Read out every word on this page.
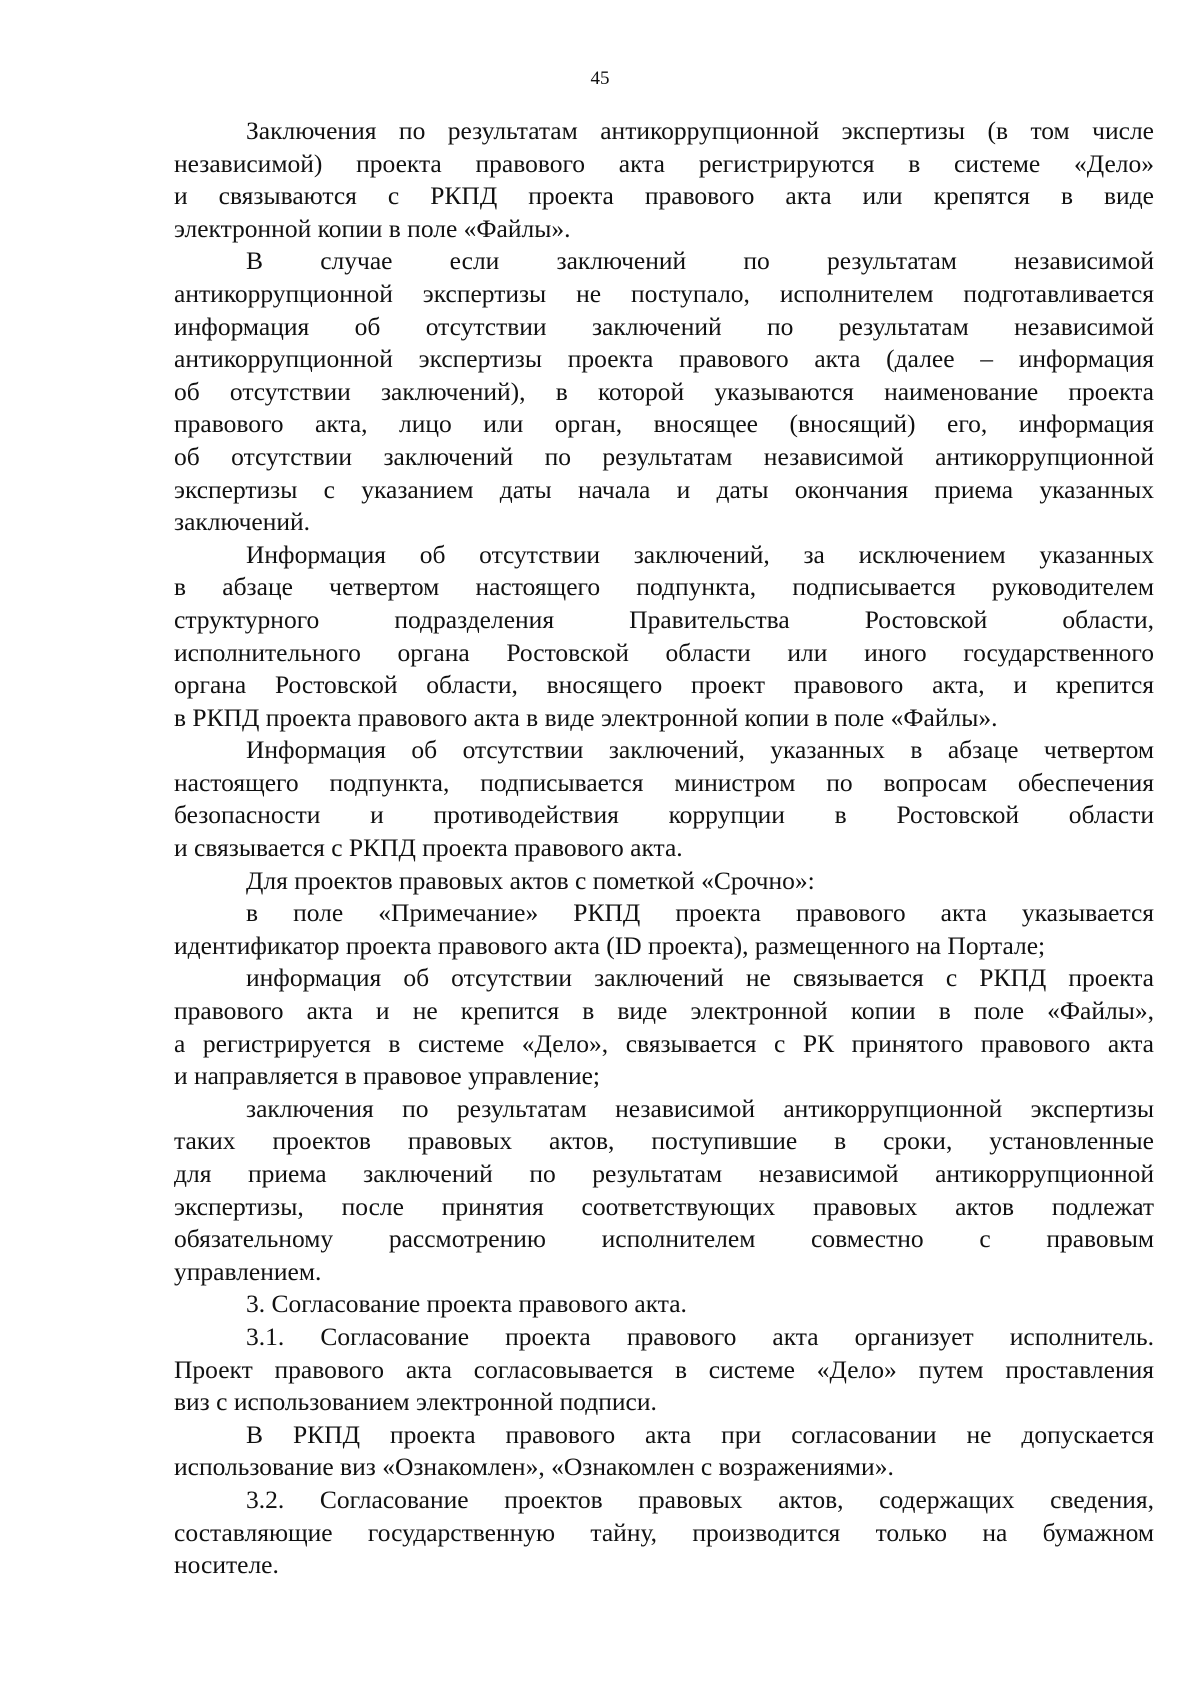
45
Заключения по результатам антикоррупционной экспертизы (в том числе
независимой) проекта правового акта регистрируются в системе «Дело»
и связываются с РКПД проекта правового акта или крепятся в виде
электронной копии в поле «Файлы».
В случае если заключений по результатам независимой
антикоррупционной экспертизы не поступало, исполнителем подготавливается
информация об отсутствии заключений по результатам независимой
антикоррупционной экспертизы проекта правового акта (далее – информация
об отсутствии заключений), в которой указываются наименование проекта
правового акта, лицо или орган, вносящее (вносящий) его, информация
об отсутствии заключений по результатам независимой антикоррупционной
экспертизы с указанием даты начала и даты окончания приема указанных
заключений.
Информация об отсутствии заключений, за исключением указанных
в абзаце четвертом настоящего подпункта, подписывается руководителем
структурного подразделения Правительства Ростовской области,
исполнительного органа Ростовской области или иного государственного
органа Ростовской области, вносящего проект правового акта, и крепится
в РКПД проекта правового акта в виде электронной копии в поле «Файлы».
Информация об отсутствии заключений, указанных в абзаце четвертом
настоящего подпункта, подписывается министром по вопросам обеспечения
безопасности и противодействия коррупции в Ростовской области
и связывается с РКПД проекта правового акта.
Для проектов правовых актов с пометкой «Срочно»:
в поле «Примечание» РКПД проекта правового акта указывается
идентификатор проекта правового акта (ID проекта), размещенного на Портале;
информация об отсутствии заключений не связывается с РКПД проекта
правового акта и не крепится в виде электронной копии в поле «Файлы»,
а регистрируется в системе «Дело», связывается с РК принятого правового акта
и направляется в правовое управление;
заключения по результатам независимой антикоррупционной экспертизы
таких проектов правовых актов, поступившие в сроки, установленные
для приема заключений по результатам независимой антикоррупционной
экспертизы, после принятия соответствующих правовых актов подлежат
обязательному рассмотрению исполнителем совместно с правовым
управлением.
3. Согласование проекта правового акта.
3.1. Согласование проекта правового акта организует исполнитель.
Проект правового акта согласовывается в системе «Дело» путем проставления
виз с использованием электронной подписи.
В РКПД проекта правового акта при согласовании не допускается
использование виз «Ознакомлен», «Ознакомлен с возражениями».
3.2. Согласование проектов правовых актов, содержащих сведения,
составляющие государственную тайну, производится только на бумажном
носителе.
